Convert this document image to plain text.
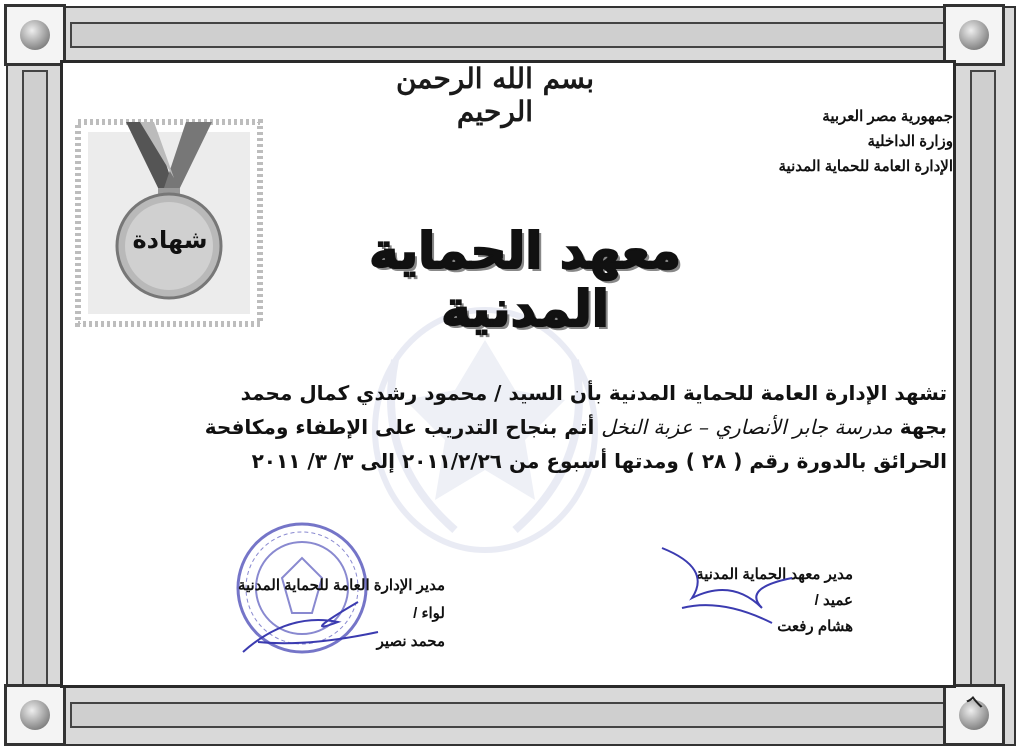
بسم الله الرحمن الرحيم	جمهورية مصر العربية
وزارة الداخلية
الإدارة العامة للحماية المدنية
شهادة	معهد الحماية المدنية
تشهد الإدارة العامة للحماية المدنية بأن السيد / محمود رشدي كمال محمد
بجهة مدرسة جابر الأنصاري – عزبة النخل أتم بنجاح التدريب على الإطفاء ومكافحة
الحرائق بالدورة رقم ( ٢٨ ) ومدتها أسبوع من ٢٠١١/٢/٢٦ إلى ٣/ ٣/ ٢٠١١
مدير معهد الحماية المدنية
عميد /
هشام رفعت
مدير الإدارة العامة للحماية المدنية
لواء /
محمد نصير
٦
